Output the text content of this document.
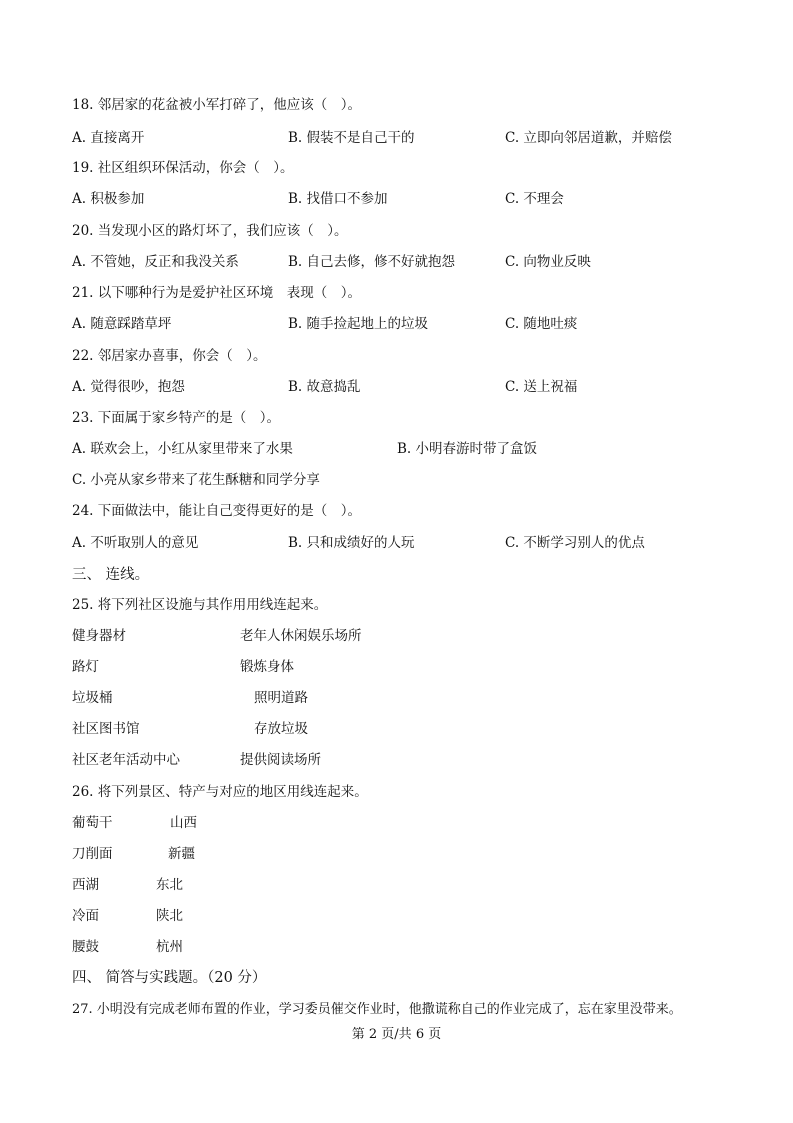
18. 邻居家的花盆被小军打碎了，他应该（　）。
A. 直接离开	B. 假装不是自己干的	C. 立即向邻居道歉，并赔偿
19. 社区组织环保活动，你会（　）。
A. 积极参加	B. 找借口不参加	C. 不理会
20. 当发现小区的路灯坏了，我们应该（　）。
A. 不管她，反正和我没关系	B. 自己去修，修不好就抱怨	C. 向物业反映
21. 以下哪种行为是爱护社区环境　表现（　）。
A. 随意踩踏草坪	B. 随手捡起地上的垃圾	C. 随地吐痰
22. 邻居家办喜事，你会（　）。
A. 觉得很吵，抱怨	B. 故意捣乱	C. 送上祝福
23. 下面属于家乡特产的是（　）。
A. 联欢会上，小红从家里带来了水果	B. 小明春游时带了盒饭
C. 小亮从家乡带来了花生酥糖和同学分享
24. 下面做法中，能让自己变得更好的是（　）。
A. 不听取别人的意见	B. 只和成绩好的人玩	C. 不断学习别人的优点
三、 连线。
25. 将下列社区设施与其作用用线连起来。
健身器材	老年人休闲娱乐场所
路灯	锻炼身体
垃圾桶	照明道路
社区图书馆	存放垃圾
社区老年活动中心	提供阅读场所
26. 将下列景区、特产与对应的地区用线连起来。
葡萄干	山西
刀削面	新疆
西湖	东北
冷面	陕北
腰鼓	杭州
四、 简答与实践题。（20 分）
27. 小明没有完成老师布置的作业，学习委员催交作业时，他撒谎称自己的作业完成了，忘在家里没带来。
第 2 页/共 6 页
